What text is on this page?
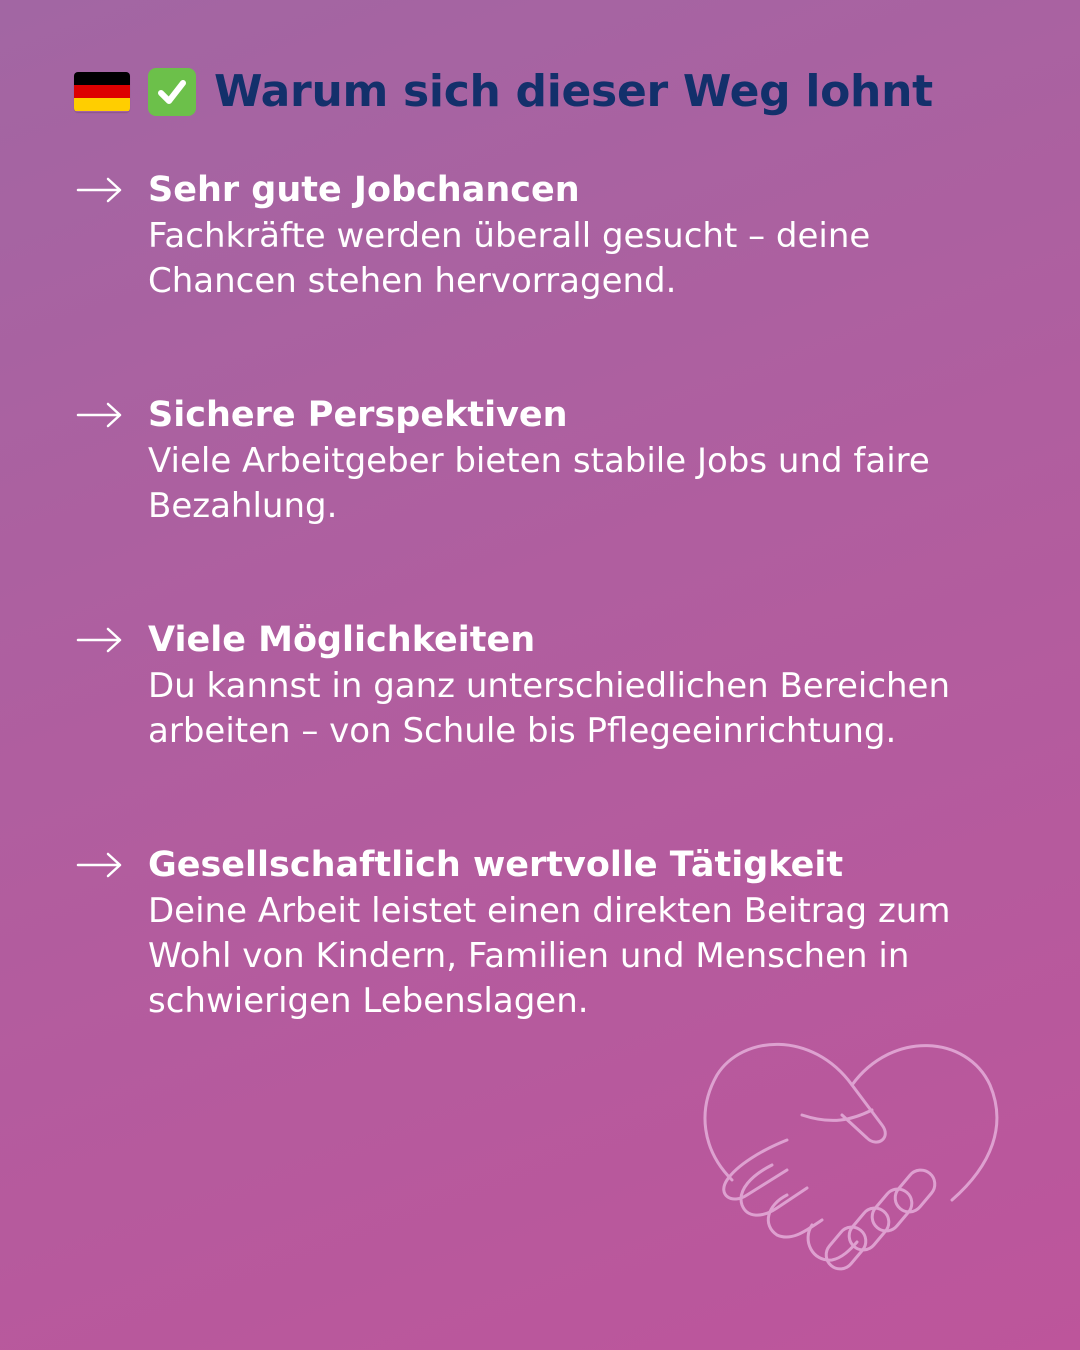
Warum sich dieser Weg lohnt
Sehr gute Jobchancen
Fachkräfte werden überall gesucht – deine Chancen stehen hervorragend.
Sichere Perspektiven
Viele Arbeitgeber bieten stabile Jobs und faire Bezahlung.
Viele Möglichkeiten
Du kannst in ganz unterschiedlichen Bereichen arbeiten – von Schule bis Pflegeeinrichtung.
Gesellschaftlich wertvolle Tätigkeit
Deine Arbeit leistet einen direkten Beitrag zum Wohl von Kindern, Familien und Menschen in schwierigen Lebenslagen.
